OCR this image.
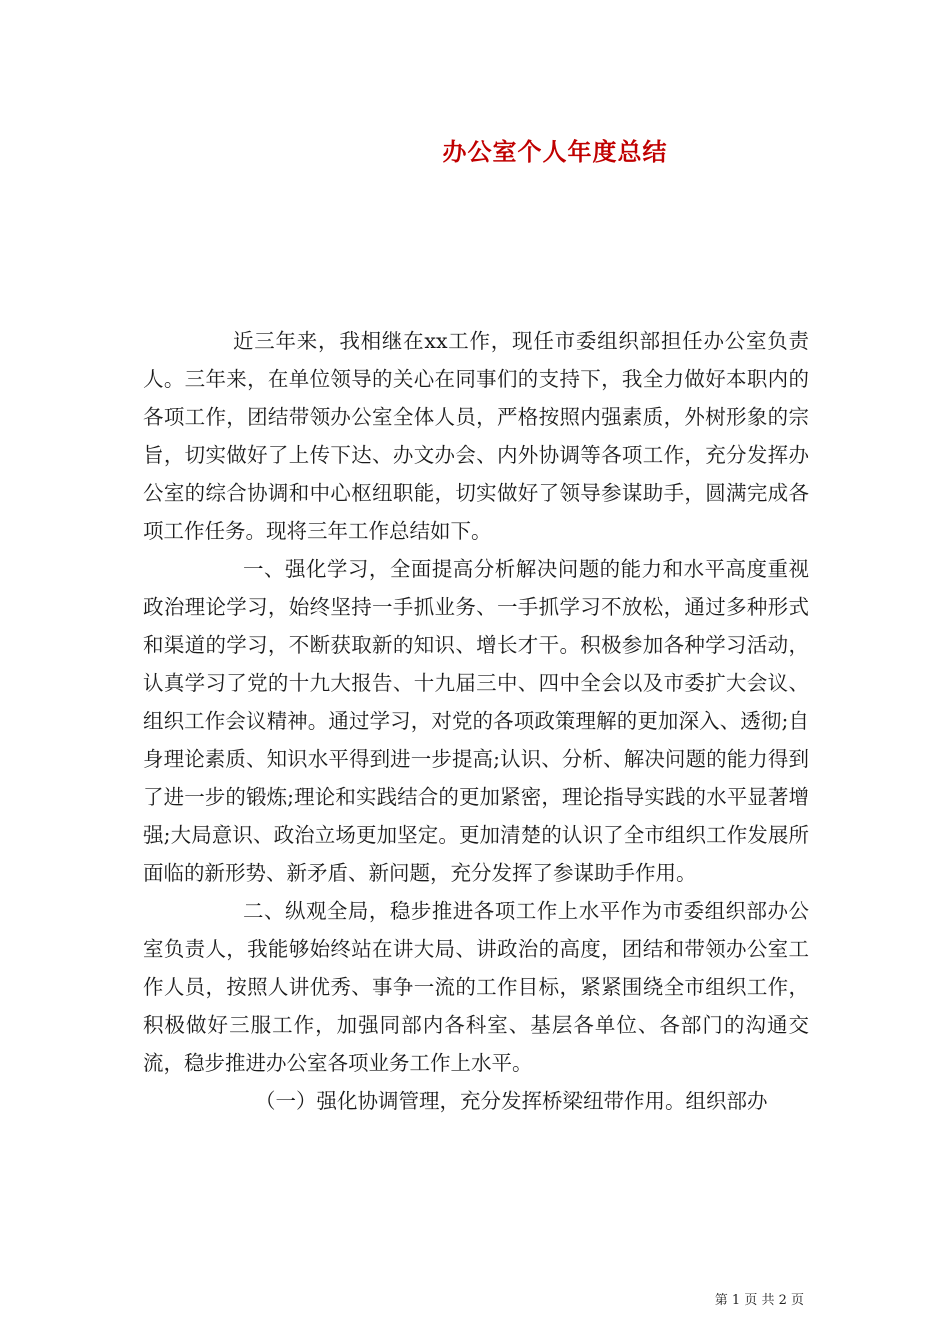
办公室个人年度总结

近三年来，我相继在xx工作，现任市委组织部担任办公室负责人。三年来，在单位领导的关心在同事们的支持下，我全力做好本职内的各项工作，团结带领办公室全体人员，严格按照内强素质，外树形象的宗旨，切实做好了上传下达、办文办会、内外协调等各项工作，充分发挥办公室的综合协调和中心枢纽职能，切实做好了领导参谋助手，圆满完成各项工作任务。现将三年工作总结如下。

一、强化学习，全面提高分析解决问题的能力和水平高度重视政治理论学习，始终坚持一手抓业务、一手抓学习不放松，通过多种形式和渠道的学习，不断获取新的知识、增长才干。积极参加各种学习活动，认真学习了党的十九大报告、十九届三中、四中全会以及市委扩大会议、组织工作会议精神。通过学习，对党的各项政策理解的更加深入、透彻;自身理论素质、知识水平得到进一步提高;认识、分析、解决问题的能力得到了进一步的锻炼;理论和实践结合的更加紧密，理论指导实践的水平显著增强;大局意识、政治立场更加坚定。更加清楚的认识了全市组织工作发展所面临的新形势、新矛盾、新问题，充分发挥了参谋助手作用。

二、纵观全局，稳步推进各项工作上水平作为市委组织部办公室负责人，我能够始终站在讲大局、讲政治的高度，团结和带领办公室工作人员，按照人讲优秀、事争一流的工作目标，紧紧围绕全市组织工作，积极做好三服工作，加强同部内各科室、基层各单位、各部门的沟通交流，稳步推进办公室各项业务工作上水平。

（一）强化协调管理，充分发挥桥梁纽带作用。组织部办

第 1 页 共 2 页
